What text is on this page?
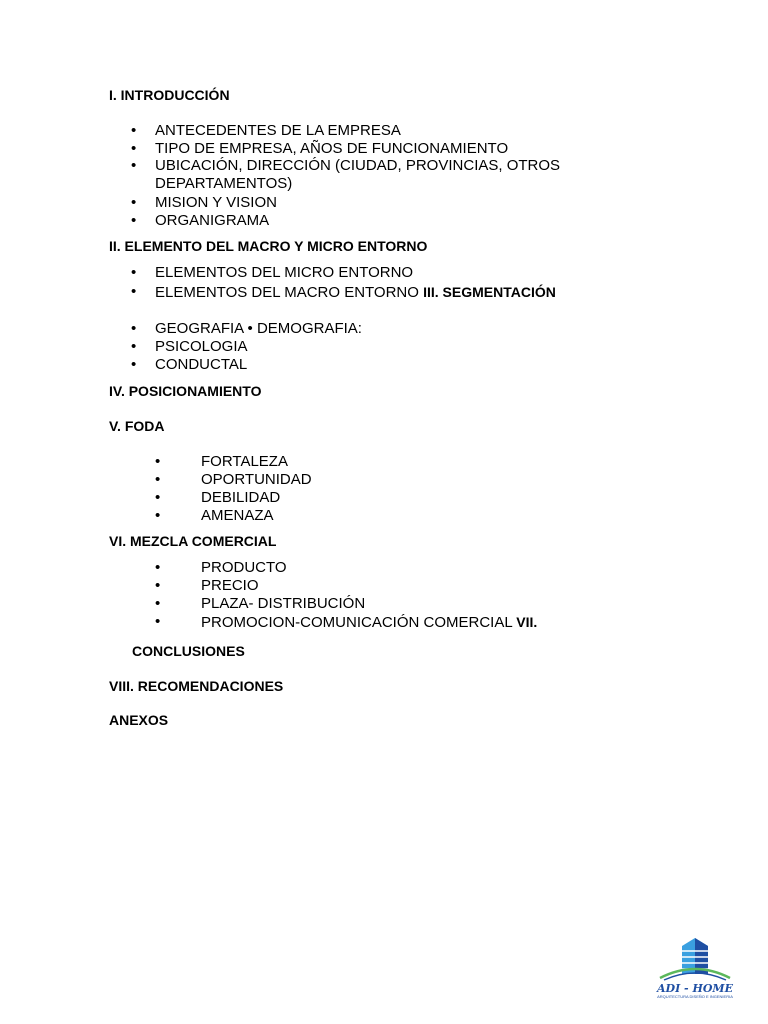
I. INTRODUCCIÓN
• ANTECEDENTES DE LA EMPRESA
• TIPO DE EMPRESA, AÑOS DE FUNCIONAMIENTO
• UBICACIÓN, DIRECCIÓN (CIUDAD, PROVINCIAS, OTROS
DEPARTAMENTOS)
• MISION Y VISION
• ORGANIGRAMA
II. ELEMENTO DEL MACRO Y MICRO ENTORNO
• ELEMENTOS DEL MICRO ENTORNO
• ELEMENTOS DEL MACRO ENTORNO III. SEGMENTACIÓN
• GEOGRAFIA • DEMOGRAFIA:
• PSICOLOGIA
• CONDUCTAL
IV. POSICIONAMIENTO
V. FODA
•	FORTALEZA
•	OPORTUNIDAD
•	DEBILIDAD
•	AMENAZA
VI. MEZCLA COMERCIAL
•	PRODUCTO
•	PRECIO
•	PLAZA- DISTRIBUCIÓN
•	PROMOCION-COMUNICACIÓN COMERCIAL VII.
CONCLUSIONES
VIII. RECOMENDACIONES
ANEXOS
ADI - HOME
ARQUITECTURA DISEÑO E INGENIERIA
